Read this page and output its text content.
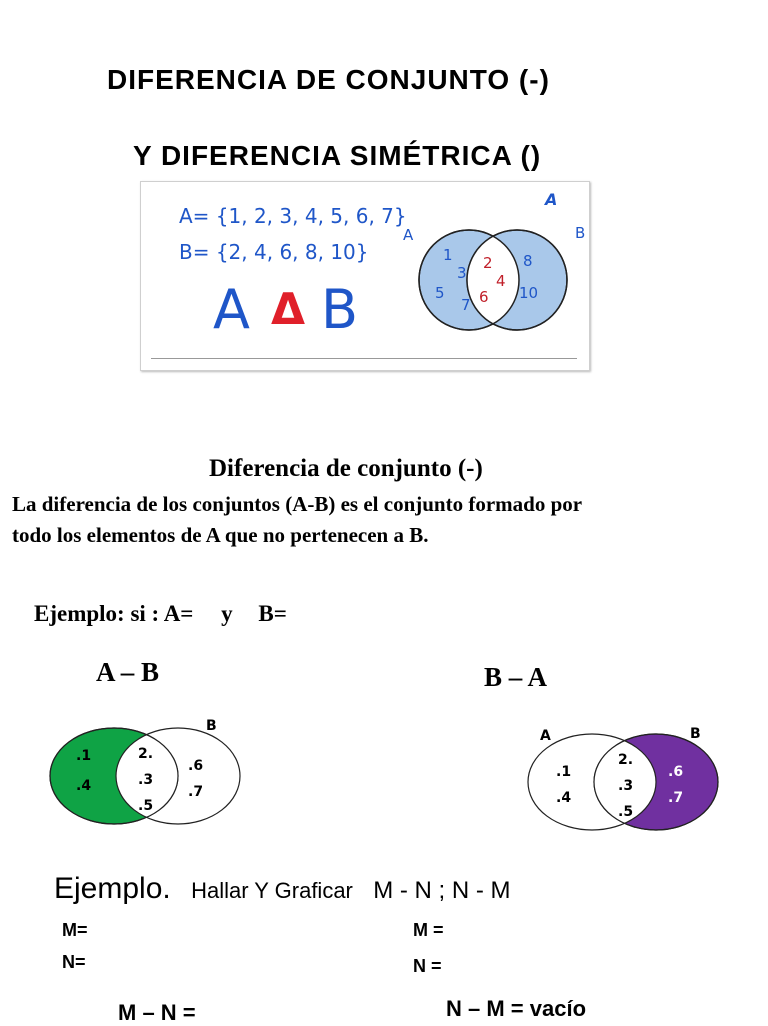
DIFERENCIA DE CONJUNTO (-)
Y DIFERENCIA SIMÉTRICA ()
A= {1, 2, 3, 4, 5, 6, 7}
B= {2, 4, 6, 8, 10}
A Δ B
A
A	B
1
3
5
7
2
4
6
8
10
Diferencia de conjunto (-)
La diferencia de los conjuntos (A-B) es el conjunto formado por
todo los elementos de A que no pertenecen a B.
Ejemplo: si : A= y B=
A – B
B
.1
.4
2.
.3
.5
.6
.7
B – A
A	B
.1
.4
2.
.3
.5
.6
.7
Ejemplo. Hallar Y Graficar M - N ; N - M
M=
N=
M =
N =
M – N =	N – M = vacío
